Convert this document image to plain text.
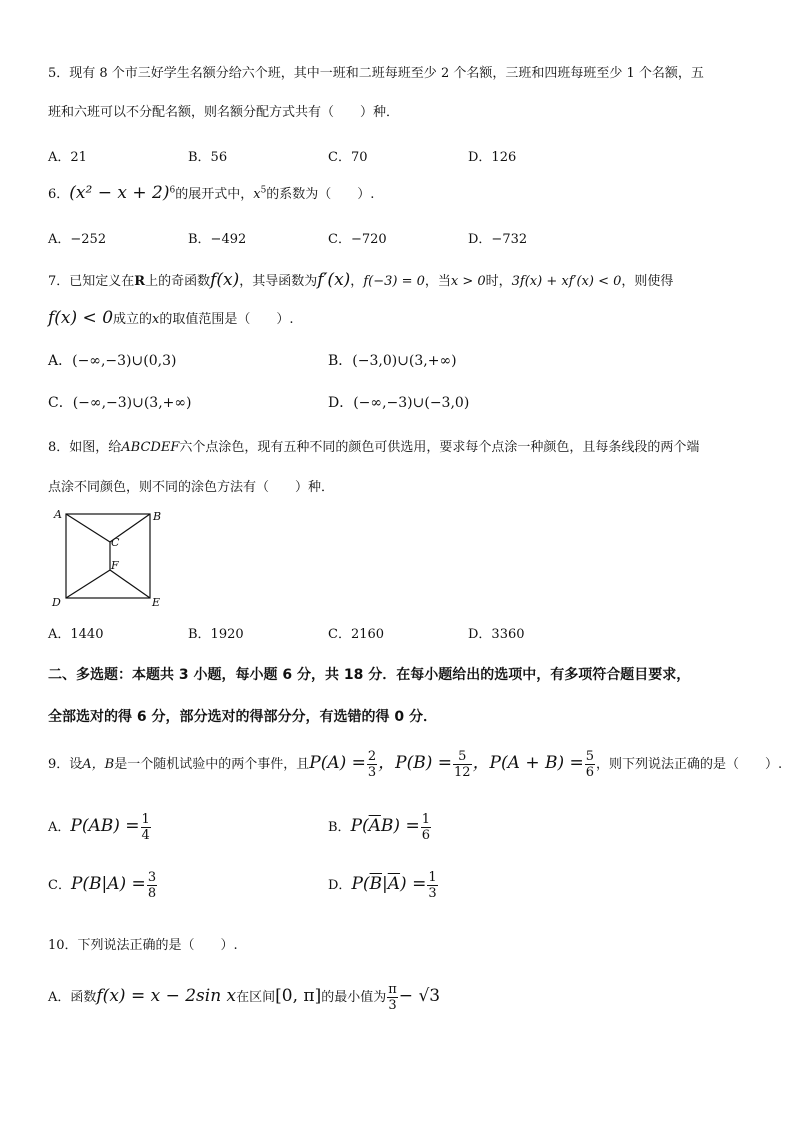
5．现有 8 个市三好学生名额分给六个班，其中一班和二班每班至少 2 个名额，三班和四班每班至少 1 个名额，五
班和六班可以不分配名额，则名额分配方式共有（　　）种．
A．21	B．56	C．70	D．126
6．$(x^2 - x + 2)^6$的展开式中，$x^5$的系数为（　　）.
A．−252	B．−492	C．−720	D．−732
7．已知定义在R上的奇函数f(x)，其导函数为f′(x)，f(−3) = 0，当x > 0时，3f(x) + xf′(x) < 0，则使得
f(x) < 0成立的x的取值范围是（　　）.
A．(−∞,−3)∪(0,3)	B．(−3,0)∪(3,+∞)
C．(−∞,−3)∪(3,+∞)	D．(−∞,−3)∪(−3,0)
8．如图，给ABCDEF六个点涂色，现有五种不同的颜色可供选用，要求每个点涂一种颜色，且每条线段的两个端
点涂不同颜色，则不同的涂色方法有（　　）种．
A	B
C
F
D	E
A．1440	B．1920	C．2160	D．3360
二、多选题：本题共 3 小题，每小题 6 分，共 18 分．在每小题给出的选项中，有多项符合题目要求，
全部选对的得 6 分，部分选对的得部分分，有选错的得 0 分．
9．设A，B是一个随机试验中的两个事件，且$P(A) = \frac{2}{3}$ ，$P(B) = \frac{5}{12}$ ，$P(A + B) = \frac{5}{6}$ ，则下列说法正确的是（　　）.
A．$P(AB) = \frac{1}{4}$	B．$P(\overline{A}B) = \frac{1}{6}$
C．$P(B|A) = \frac{3}{8}$	D．$P(\overline{B}|\overline{A}) = \frac{1}{3}$
10．下列说法正确的是（　　）.
A．函数f(x) = x − 2sin x在区间[0, π]的最小值为 $\frac{\pi}{3} - √3$
